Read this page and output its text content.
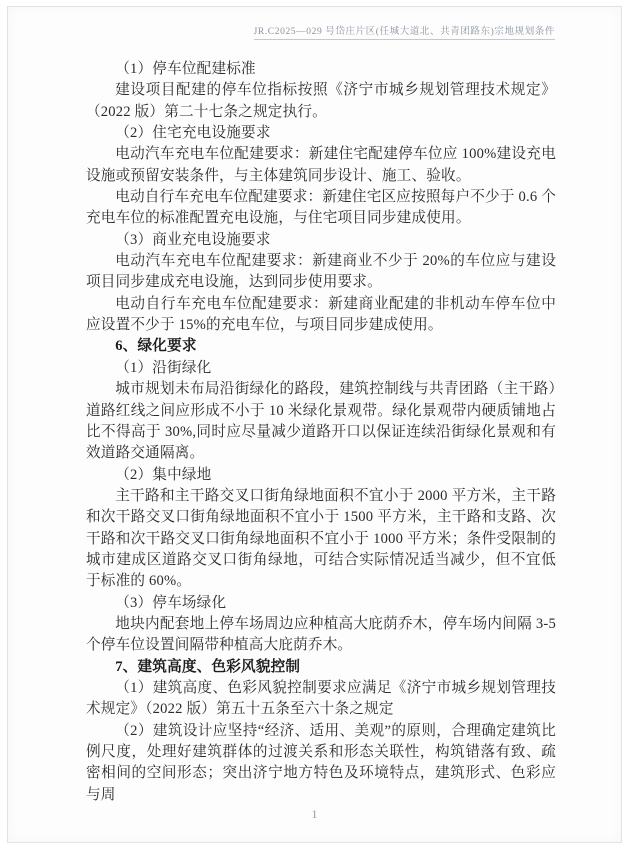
JR.C2025—029 号岱庄片区(任城大道北、共青团路东)宗地规划条件

（1）停车位配建标准

建设项目配建的停车位指标按照《济宁市城乡规划管理技术规定》（2022 版）第二十七条之规定执行。

（2）住宅充电设施要求

电动汽车充电车位配建要求：新建住宅配建停车位应 100%建设充电设施或预留安装条件，与主体建筑同步设计、施工、验收。

电动自行车充电车位配建要求：新建住宅区应按照每户不少于 0.6 个充电车位的标准配置充电设施，与住宅项目同步建成使用。

（3）商业充电设施要求

电动汽车充电车位配建要求：新建商业不少于 20%的车位应与建设项目同步建成充电设施，达到同步使用要求。

电动自行车充电车位配建要求：新建商业配建的非机动车停车位中应设置不少于 15%的充电车位，与项目同步建成使用。

6、绿化要求

（1）沿街绿化

城市规划未布局沿街绿化的路段，建筑控制线与共青团路（主干路）道路红线之间应形成不小于 10 米绿化景观带。绿化景观带内硬质铺地占比不得高于 30%,同时应尽量减少道路开口以保证连续沿街绿化景观和有效道路交通隔离。

（2）集中绿地

主干路和主干路交叉口街角绿地面积不宜小于 2000 平方米，主干路和次干路交叉口街角绿地面积不宜小于 1500 平方米，主干路和支路、次干路和次干路交叉口街角绿地面积不宜小于 1000 平方米；条件受限制的城市建成区道路交叉口街角绿地，可结合实际情况适当减少，但不宜低于标准的 60%。

（3）停车场绿化

地块内配套地上停车场周边应种植高大庇荫乔木，停车场内间隔 3-5 个停车位设置间隔带种植高大庇荫乔木。

7、建筑高度、色彩风貌控制

（1）建筑高度、色彩风貌控制要求应满足《济宁市城乡规划管理技术规定》（2022 版）第五十五条至六十条之规定

（2）建筑设计应坚持“经济、适用、美观”的原则，合理确定建筑比例尺度，处理好建筑群体的过渡关系和形态关联性，构筑错落有致、疏密相间的空间形态；突出济宁地方特色及环境特点，建筑形式、色彩应与周

1
